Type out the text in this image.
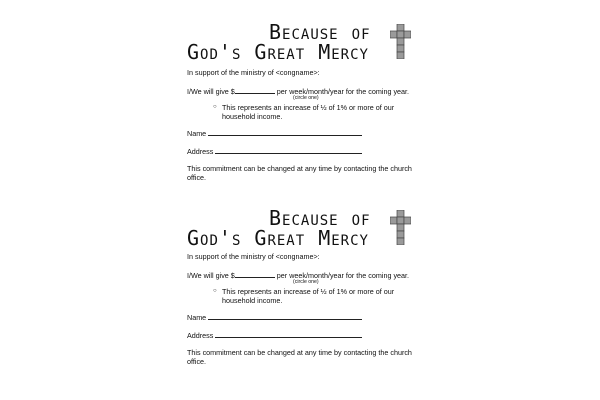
Because of
God's Great Mercy
In support of the ministry of <congname>:
I/We will give $	per week/month/year for the coming year.
(circle one)
○ This represents an increase of ½ of 1% or more of our
household income.
Name
Address
This commitment can be changed at any time by contacting the church
office.
Because of
God's Great Mercy
In support of the ministry of <congname>:
I/We will give $	per week/month/year for the coming year.
(circle one)
○ This represents an increase of ½ of 1% or more of our
household income.
Name
Address
This commitment can be changed at any time by contacting the church
office.
